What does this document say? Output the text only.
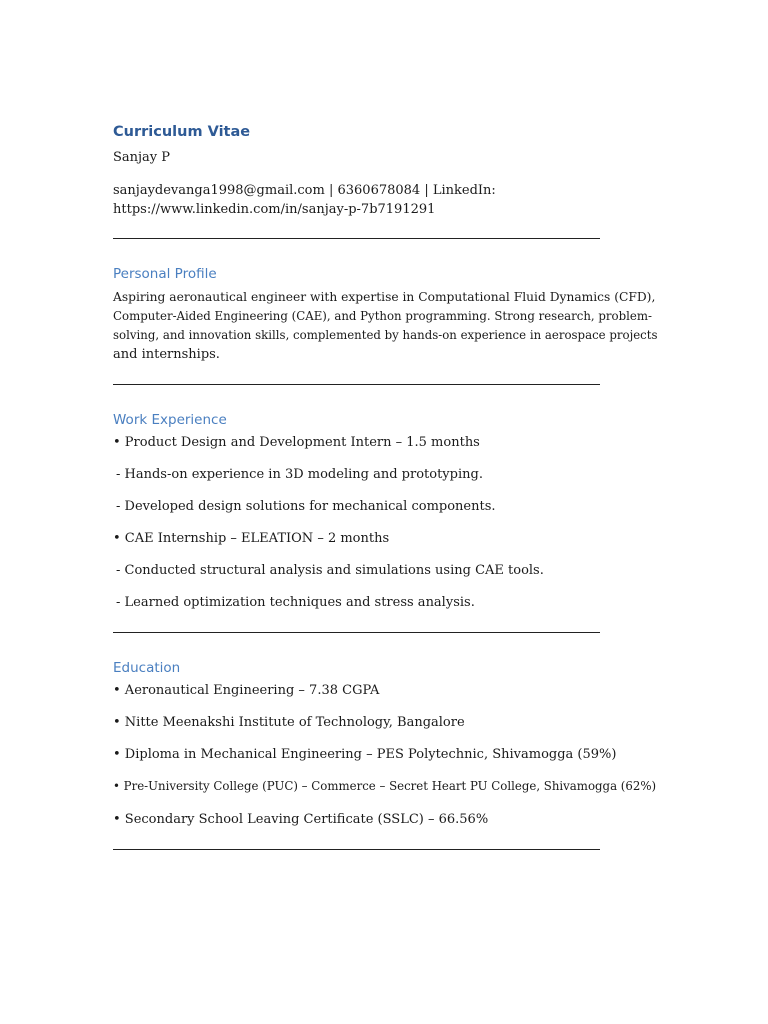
Curriculum Vitae
Sanjay P
sanjaydevanga1998@gmail.com | 6360678084 | LinkedIn:
https://www.linkedin.com/in/sanjay-p-7b7191291
Personal Profile
Aspiring aeronautical engineer with expertise in Computational Fluid Dynamics (CFD),
Computer-Aided Engineering (CAE), and Python programming. Strong research, problem-
solving, and innovation skills, complemented by hands-on experience in aerospace projects
and internships.
Work Experience
• Product Design and Development Intern – 1.5 months
- Hands-on experience in 3D modeling and prototyping.
- Developed design solutions for mechanical components.
• CAE Internship – ELEATION – 2 months
- Conducted structural analysis and simulations using CAE tools.
- Learned optimization techniques and stress analysis.
Education
• Aeronautical Engineering – 7.38 CGPA
• Nitte Meenakshi Institute of Technology, Bangalore
• Diploma in Mechanical Engineering – PES Polytechnic, Shivamogga (59%)
• Pre-University College (PUC) – Commerce – Secret Heart PU College, Shivamogga (62%)
• Secondary School Leaving Certificate (SSLC) – 66.56%
